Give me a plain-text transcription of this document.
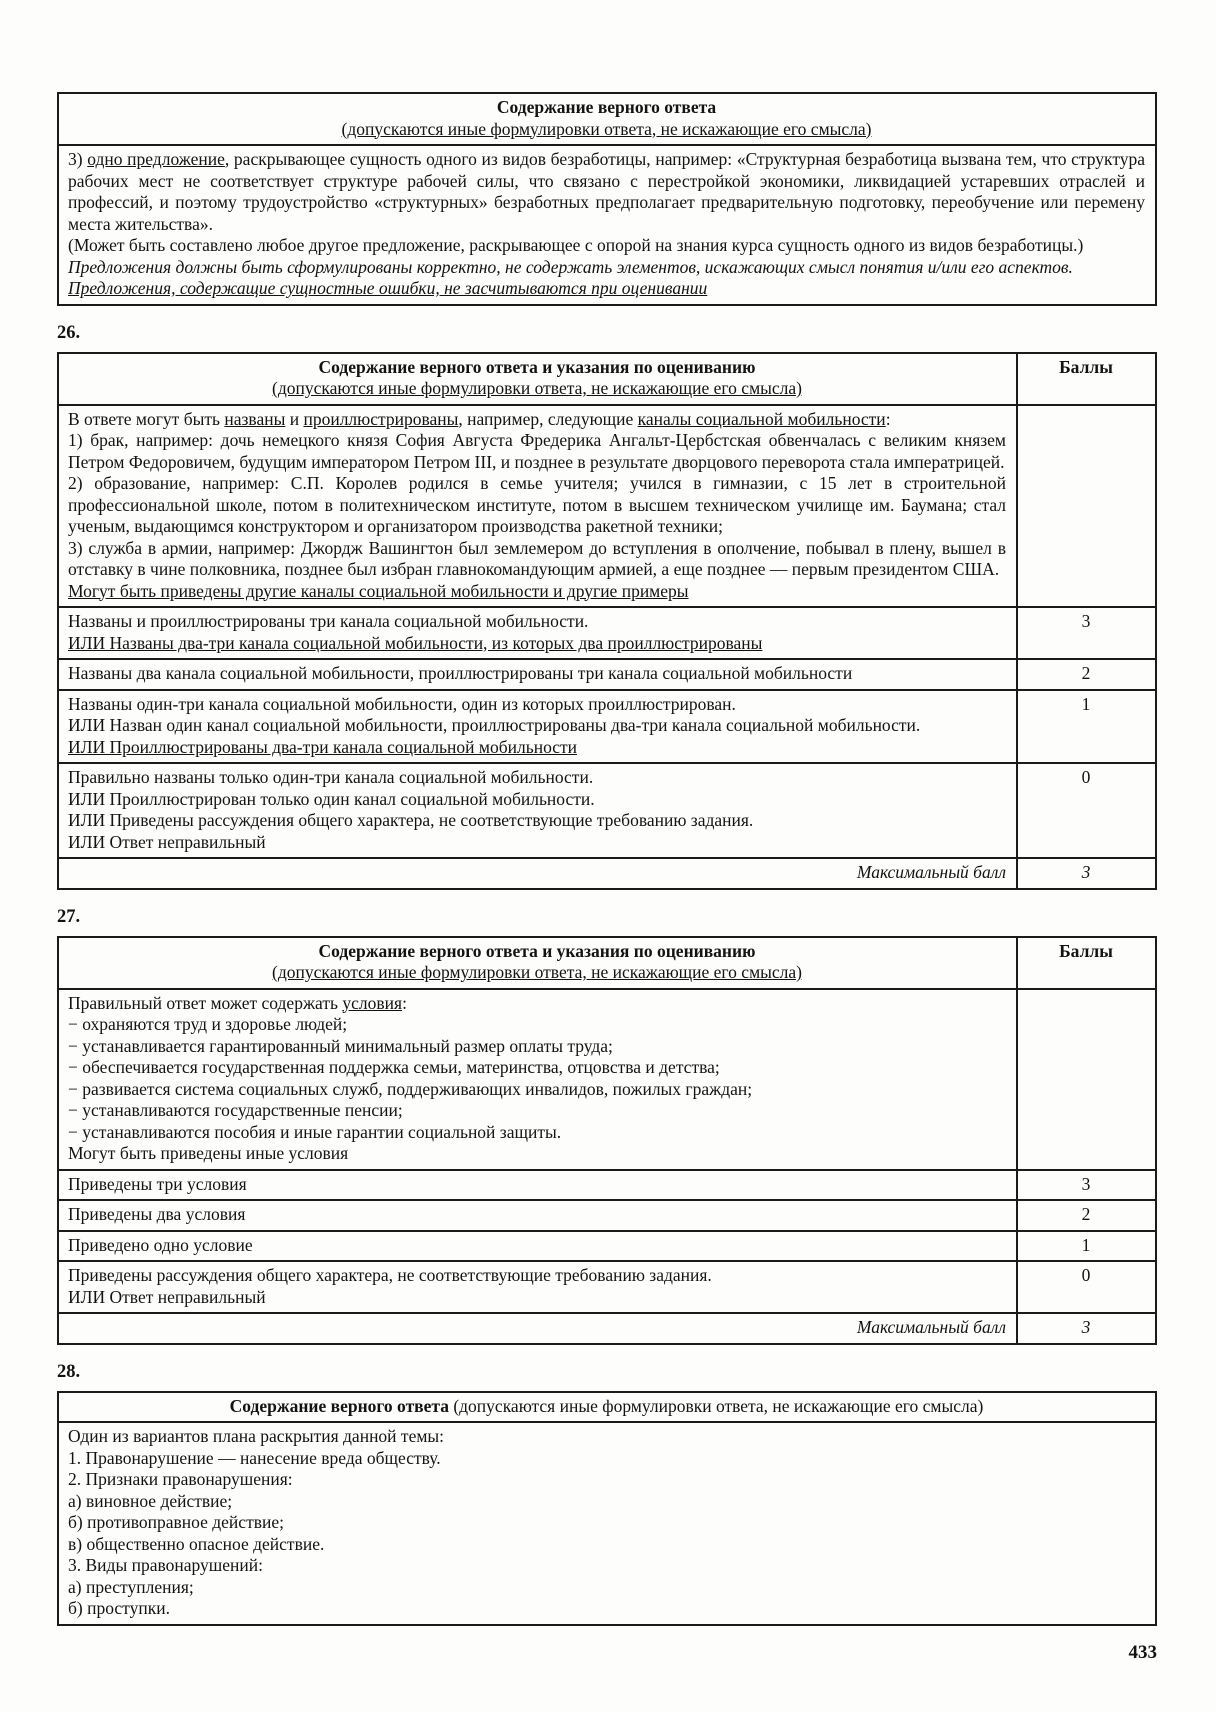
Содержание верного ответа
(допускаются иные формулировки ответа, не искажающие его смысла)

3) одно предложение, раскрывающее сущность одного из видов безработицы, например: «Структурная безработица вызвана тем, что структура рабочих мест не соответствует структуре рабочей силы, что связано с перестройкой экономики, ликвидацией устаревших отраслей и профессий, и поэтому трудоустройство «структурных» безработных предполагает предварительную подготовку, переобучение или перемену места жительства».

(Может быть составлено любое другое предложение, раскрывающее с опорой на знания курса сущность одного из видов безработицы.)

Предложения должны быть сформулированы корректно, не содержать элементов, искажающих смысл понятия и/или его аспектов.

Предложения, содержащие сущностные ошибки, не засчитываются при оценивании

26.
Содержание верного ответа и указания по оцениванию
(допускаются иные формулировки ответа, не искажающие его смысла)	Баллы

В ответе могут быть названы и проиллюстрированы, например, следующие каналы социальной мобильности:

1) брак, например: дочь немецкого князя София Августа Фредерика Ангальт-Цербстская обвенчалась с великим князем Петром Федоровичем, будущим императором Петром III, и позднее в результате дворцового переворота стала императрицей.

2) образование, например: С.П. Королев родился в семье учителя; учился в гимназии, с 15 лет в строительной профессиональной школе, потом в политехническом институте, потом в высшем техническом училище им. Баумана; стал ученым, выдающимся конструктором и организатором производства ракетной техники;

3) служба в армии, например: Джордж Вашингтон был землемером до вступления в ополчение, побывал в плену, вышел в отставку в чине полковника, позднее был избран главнокомандующим армией, а еще позднее — первым президентом США.

Могут быть приведены другие каналы социальной мобильности и другие примеры	

Названы и проиллюстрированы три канала социальной мобильности.

ИЛИ Названы два-три канала социальной мобильности, из которых два проиллюстрированы	3

Названы два канала социальной мобильности, проиллюстрированы три канала социальной мобильности	2

Названы один-три канала социальной мобильности, один из которых проиллюстрирован.

ИЛИ Назван один канал социальной мобильности, проиллюстрированы два-три канала социальной мобильности.

ИЛИ Проиллюстрированы два-три канала социальной мобильности	1

Правильно названы только один-три канала социальной мобильности.

ИЛИ Проиллюстрирован только один канал социальной мобильности.

ИЛИ Приведены рассуждения общего характера, не соответствующие требованию задания.

ИЛИ Ответ неправильный	0
Максимальный балл	3
27.
Содержание верного ответа и указания по оцениванию
(допускаются иные формулировки ответа, не искажающие его смысла)	Баллы

Правильный ответ может содержать условия:

− охраняются труд и здоровье людей;

− устанавливается гарантированный минимальный размер оплаты труда;

− обеспечивается государственная поддержка семьи, материнства, отцовства и детства;

− развивается система социальных служб, поддерживающих инвалидов, пожилых граждан;

− устанавливаются государственные пенсии;

− устанавливаются пособия и иные гарантии социальной защиты.

Могут быть приведены иные условия

Приведены три условия	3

Приведены два условия	2

Приведено одно условие	1

Приведены рассуждения общего характера, не соответствующие требованию задания.

ИЛИ Ответ неправильный	0
Максимальный балл	3
28.
Содержание верного ответа (допускаются иные формулировки ответа, не искажающие его смысла)

Один из вариантов плана раскрытия данной темы:

1. Правонарушение — нанесение вреда обществу.

2. Признаки правонарушения:

а) виновное действие;

б) противоправное действие;

в) общественно опасное действие.

3. Виды правонарушений:

а) преступления;

б) проступки.

433
